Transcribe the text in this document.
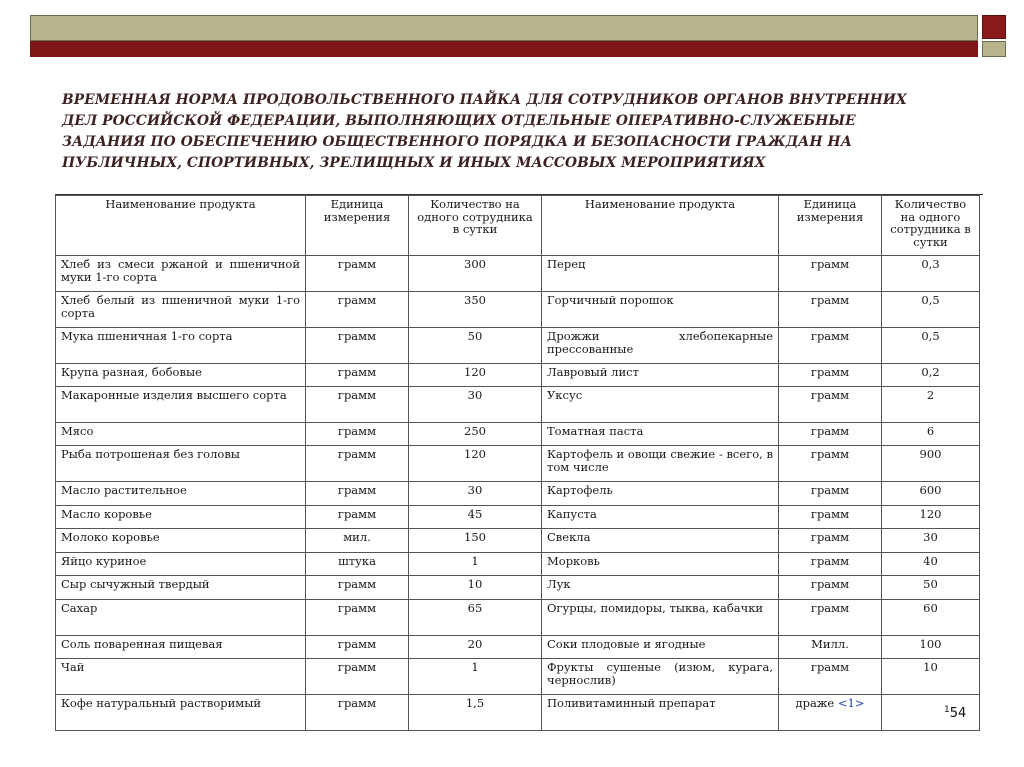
ВРЕМЕННАЯ НОРМА ПРОДОВОЛЬСТВЕННОГО ПАЙКА ДЛЯ СОТРУДНИКОВ ОРГАНОВ ВНУТРЕННИХ ДЕЛ РОССИЙСКОЙ ФЕДЕРАЦИИ, ВЫПОЛНЯЮЩИХ ОТДЕЛЬНЫЕ ОПЕРАТИВНО-СЛУЖЕБНЫЕ ЗАДАНИЯ ПО ОБЕСПЕЧЕНИЮ ОБЩЕСТВЕННОГО ПОРЯДКА И БЕЗОПАСНОСТИ ГРАЖДАН НА ПУБЛИЧНЫХ, СПОРТИВНЫХ, ЗРЕЛИЩНЫХ И ИНЫХ МАССОВЫХ МЕРОПРИЯТИЯХ

Наименование продукта	Единица измерения	Количество на одного сотрудника в сутки	Наименование продукта	Единица измерения	Количество на одного сотрудника в сутки
Хлеб из смеси ржаной и пшеничной муки 1-го сорта	грамм	300	Перец	грамм	0,3
Хлеб белый из пшеничной муки 1-го сорта	грамм	350	Горчичный порошок	грамм	0,5
Мука пшеничная 1-го сорта	грамм	50	Дрожжи хлебопекарные прессованные	грамм	0,5
Крупа разная, бобовые	грамм	120	Лавровый лист	грамм	0,2
Макаронные изделия высшего сорта	грамм	30	Уксус	грамм	2
Мясо	грамм	250	Томатная паста	грамм	6
Рыба потрошеная без головы	грамм	120	Картофель и овощи свежие - всего, в том числе	грамм	900
Масло растительное	грамм	30	Картофель	грамм	600
Масло коровье	грамм	45	Капуста	грамм	120
Молоко коровье	мил.	150	Свекла	грамм	30
Яйцо куриное	штука	1	Морковь	грамм	40
Сыр сычужный твердый	грамм	10	Лук	грамм	50
Сахар	грамм	65	Огурцы, помидоры, тыква, кабачки	грамм	60
Соль поваренная пищевая	грамм	20	Соки плодовые и ягодные	Милл.	100
Чай	грамм	1	Фрукты сушеные (изюм, курага, чернослив)	грамм	10
Кофе натуральный растворимый	грамм	1,5	Поливитаминный препарат	драже <1>		$^1$54
